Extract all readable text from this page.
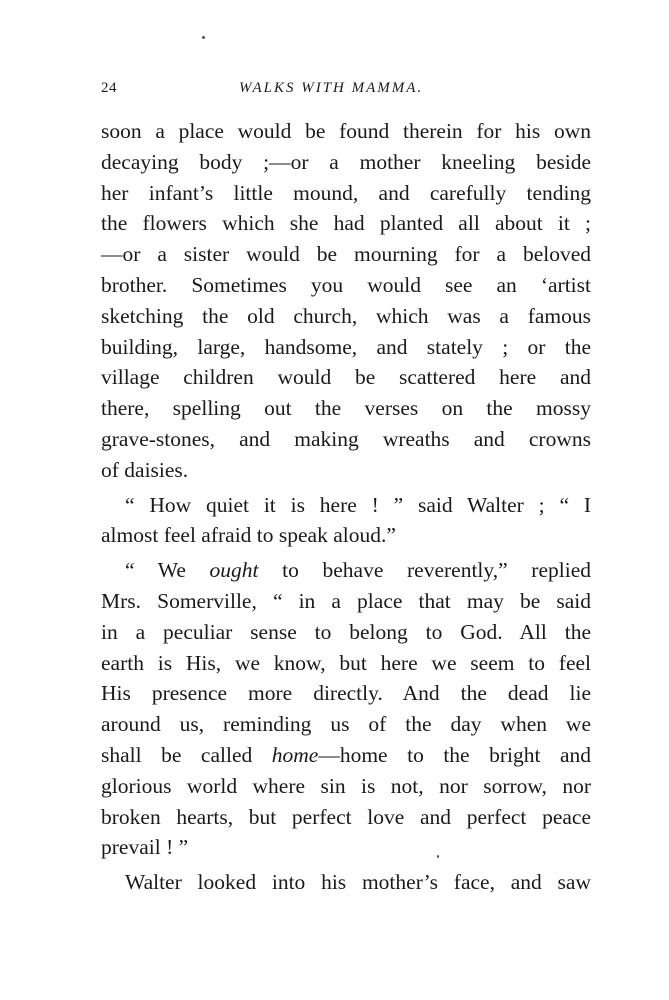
24	WALKS WITH MAMMA.
soon a place would be found therein for his own
decaying body ;—or a mother kneeling beside
her infant’s little mound, and carefully tending
the flowers which she had planted all about it ;
—or a sister would be mourning for a beloved
brother. Sometimes you would see an ‘artist
sketching the old church, which was a famous
building, large, handsome, and stately ; or the
village children would be scattered here and
there, spelling out the verses on the mossy
grave-stones, and making wreaths and crowns
of daisies.
“ How quiet it is here ! ” said Walter ; “ I
almost feel afraid to speak aloud.”
“ We ought to behave reverently,” replied
Mrs. Somerville, “ in a place that may be said
in a peculiar sense to belong to God. All the
earth is His, we know, but here we seem to feel
His presence more directly. And the dead lie
around us, reminding us of the day when we
shall be called home—home to the bright and
glorious world where sin is not, nor sorrow, nor
broken hearts, but perfect love and perfect peace
prevail ! ”
Walter looked into his mother’s face, and saw
